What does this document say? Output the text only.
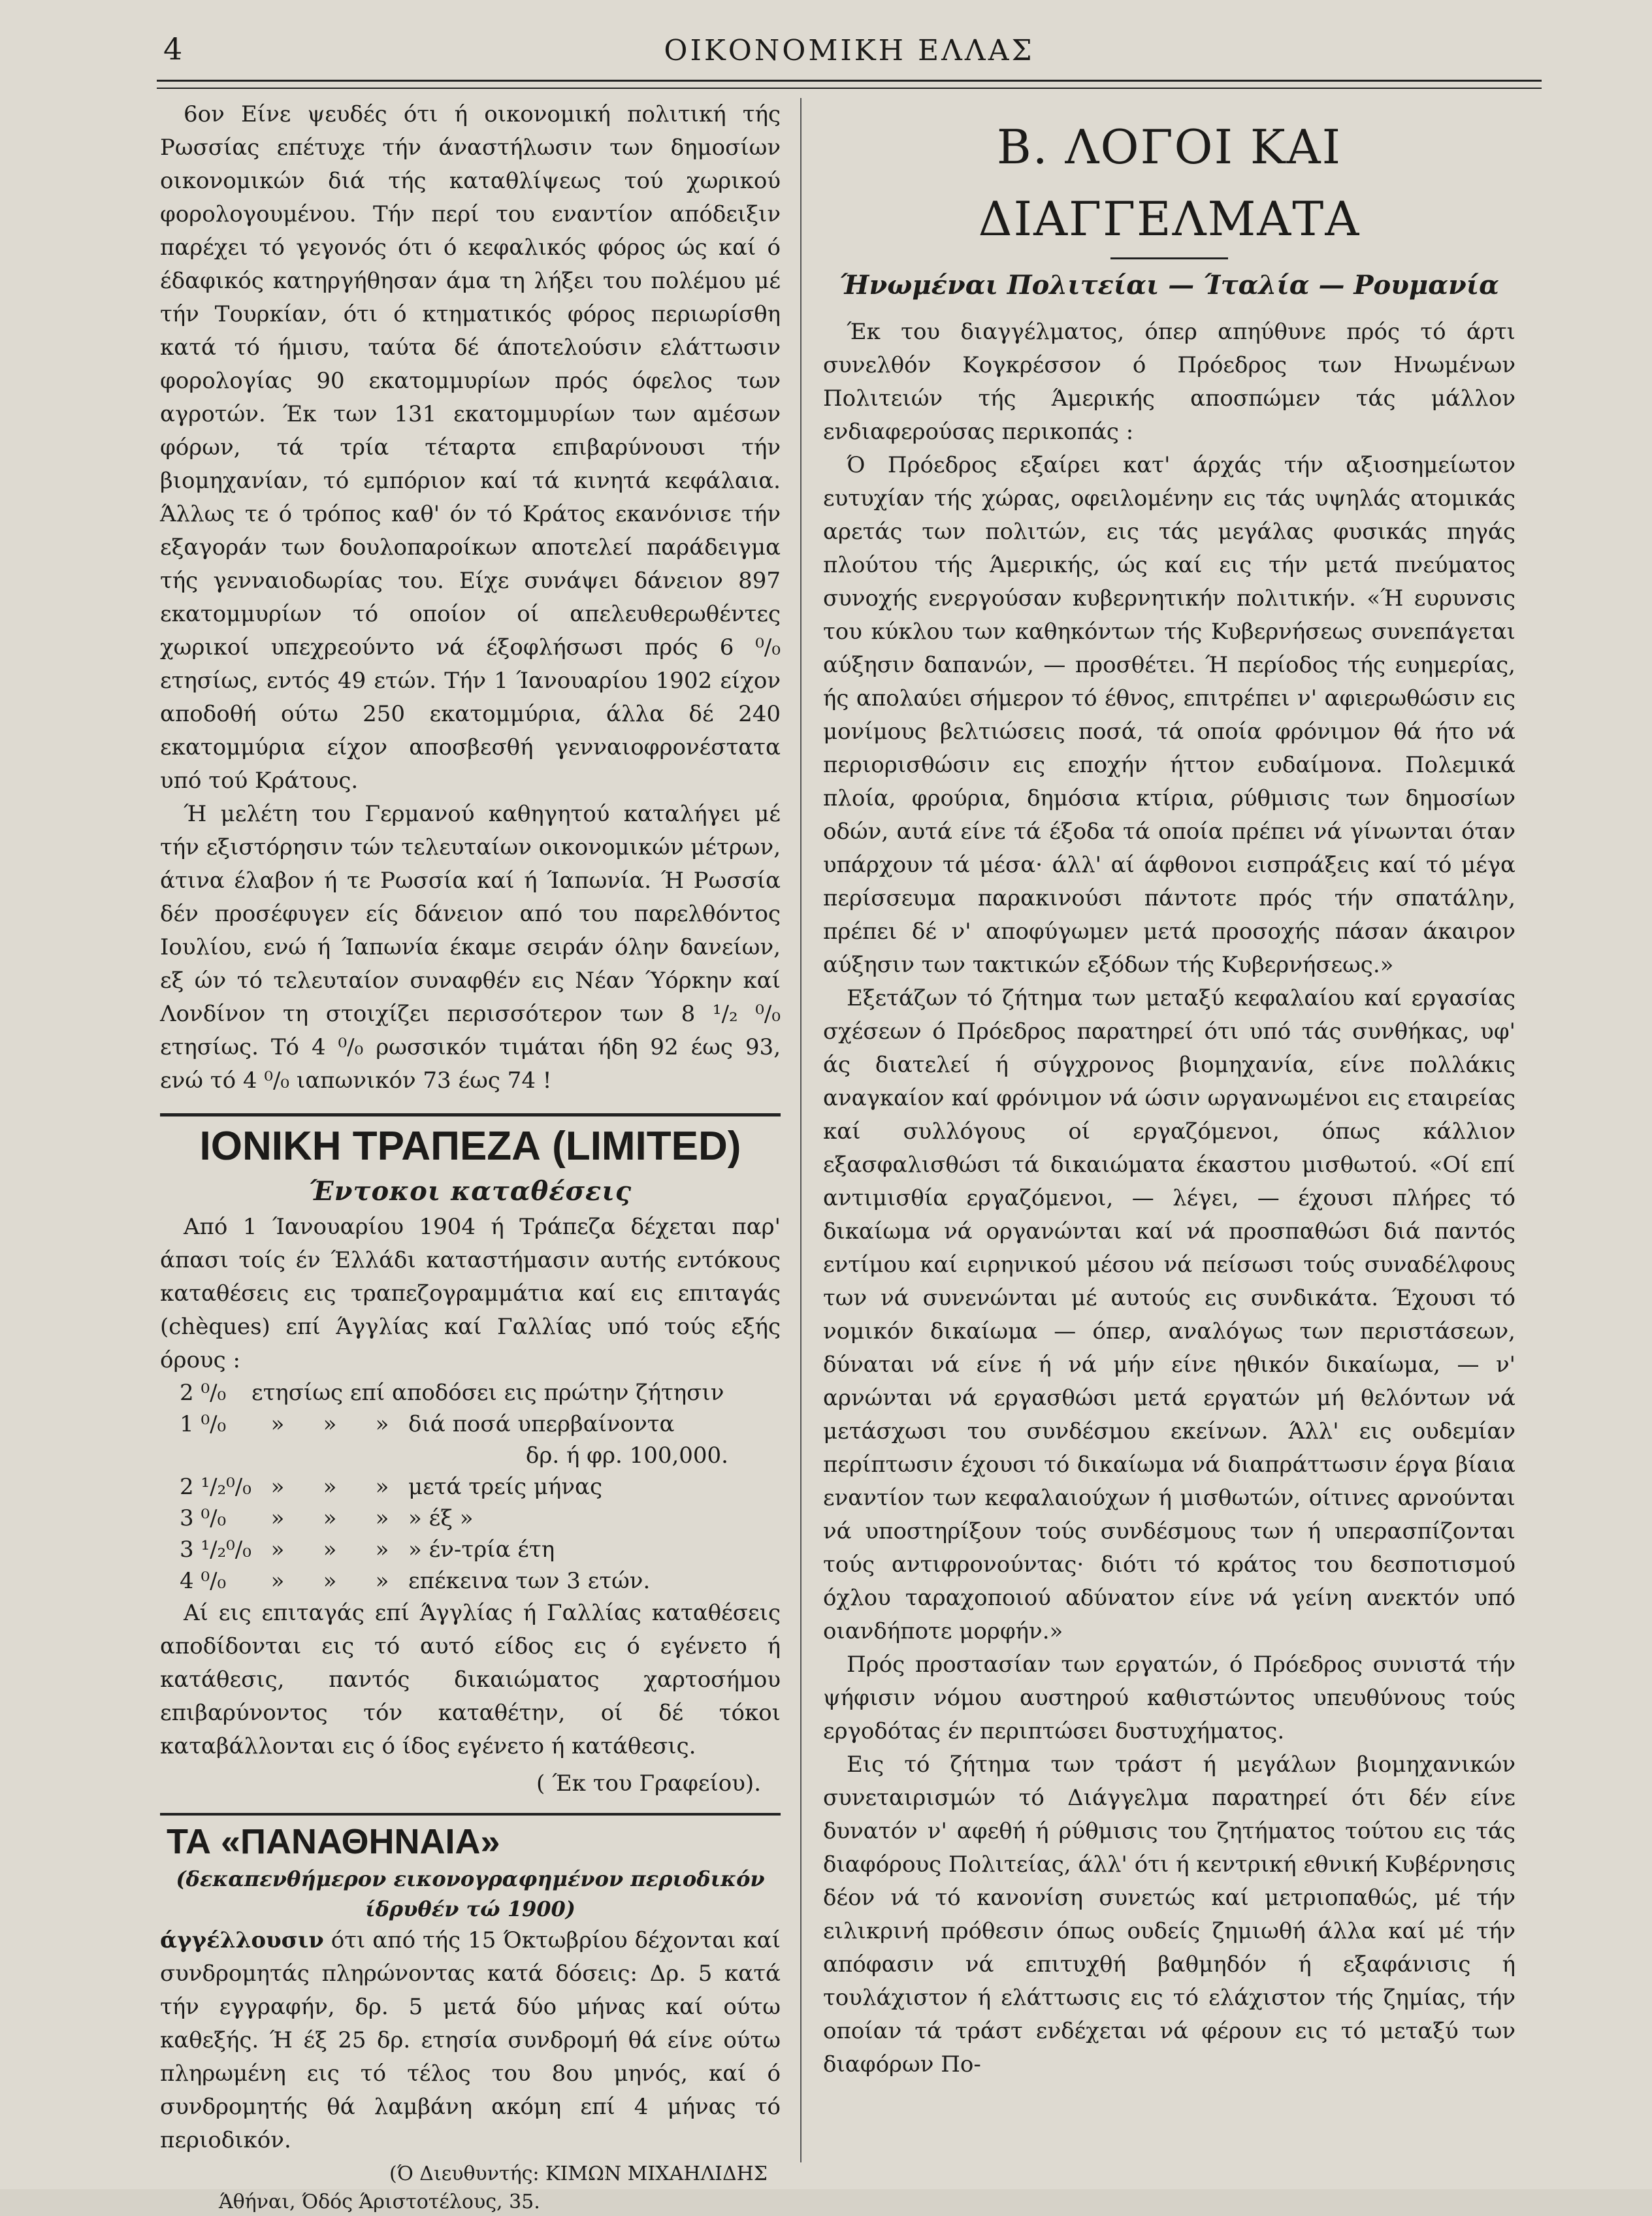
4	ΟΙΚΟΝΟΜΙΚΗ ΕΛΛΑΣ

6ον Είνε ψευδές ότι ή οικονομική πολιτική τής Ρωσσίας επέτυχε τήν άναστήλωσιν των δημοσίων οικονομικών διά τής καταθλίψεως τού χωρικού φορολογουμένου. Τήν περί του εναντίον απόδειξιν παρέχει τό γεγονός ότι ό κεφαλικός φόρος ώς καί ό έδαφικός κατηργήθησαν άμα τη λήξει του πολέμου μέ τήν Τουρκίαν, ότι ό κτηματικός φόρος περιωρίσθη κατά τό ήμισυ, ταύτα δέ άποτελούσιν ελάττωσιν φορολογίας 90 εκατομμυρίων πρός όφελος των αγροτών. Έκ των 131 εκατομμυρίων των αμέσων φόρων, τά τρία τέταρτα επιβαρύνουσι τήν βιομηχανίαν, τό εμπόριον καί τά κινητά κεφάλαια. Άλλως τε ό τρόπος καθ' όν τό Κράτος εκανόνισε τήν εξαγοράν των δουλοπαροίκων αποτελεί παράδειγμα τής γενναιοδωρίας του. Είχε συνάψει δάνειον 897 εκατομμυρίων τό οποίον οί απελευθερωθέντες χωρικοί υπεχρεούντο νά έξοφλήσωσι πρός 6 ⁰/₀ ετησίως, εντός 49 ετών. Τήν 1 Ίανουαρίου 1902 είχον αποδοθή ούτω 250 εκατομμύρια, άλλα δέ 240 εκατομμύρια είχον αποσβεσθή γενναιοφρονέστατα υπό τού Κράτους.

Ή μελέτη του Γερμανού καθηγητού καταλήγει μέ τήν εξιστόρησιν τών τελευταίων οικονομικών μέτρων, άτινα έλαβον ή τε Ρωσσία καί ή Ίαπωνία. Ή Ρωσσία δέν προσέφυγεν είς δάνειον από του παρελθόντος Ιουλίου, ενώ ή Ίαπωνία έκαμε σειράν όλην δανείων, εξ ών τό τελευταίον συναφθέν εις Νέαν Ύόρκην καί Λονδίνον τη στοιχίζει περισσότερον των 8 ¹/₂ ⁰/₀ ετησίως. Τό 4 ⁰/₀ ρωσσικόν τιμάται ήδη 92 έως 93, ενώ τό 4 ⁰/₀ ιαπωνικόν 73 έως 74 !

ΙΟΝΙΚΗ ΤΡΑΠΕΖΑ (LIMITED)
Έντοκοι καταθέσεις

Από 1 Ίανουαρίου 1904 ή Τράπεζα δέχεται παρ' άπασι τοίς έν Έλλάδι καταστήμασιν αυτής εντόκους καταθέσεις εις τραπεζογραμμάτια καί εις επιταγάς (chèques) επί Άγγλίας καί Γαλλίας υπό τούς εξής όρους :

2 ⁰/₀	ετησίως επί αποδόσει εις πρώτην ζήτησιν
1 ⁰/₀	»	»	» διά ποσά υπερβαίνοντα
δρ. ή φρ. 100,000.
2 ¹/₂⁰/₀ »	»	» μετά τρείς μήνας
3 ⁰/₀	»	»	» » έξ »
3 ¹/₂⁰/₀ »	»	» » έν-τρία έτη
4 ⁰/₀	»	»	» επέκεινα των 3 ετών.

Αί εις επιταγάς επί Άγγλίας ή Γαλλίας καταθέσεις αποδίδονται εις τό αυτό είδος εις ό εγένετο ή κατάθεσις, παντός δικαιώματος χαρτοσήμου επιβαρύνοντος τόν καταθέτην, οί δέ τόκοι καταβάλλονται εις ό ίδος εγένετο ή κατάθεσις.

( Έκ του Γραφείου).
ΤΑ «ΠΑΝΑΘΗΝΑΙΑ»
(δεκαπενθήμερον εικονογραφημένον περιοδικόν ίδρυθέν τώ 1900)

άγγέλλουσιν ότι από τής 15 Όκτωβρίου δέχονται καί συνδρομητάς πληρώνοντας κατά δόσεις: Δρ. 5 κατά τήν εγγραφήν, δρ. 5 μετά δύο μήνας καί ούτω καθεξής. Ή έξ 25 δρ. ετησία συνδρομή θά είνε ούτω πληρωμένη εις τό τέλος του 8ου μηνός, καί ό συνδρομητής θά λαμβάνη ακόμη επί 4 μήνας τό περιοδικόν.

(Ό Διευθυντής: ΚΙΜΩΝ ΜΙΧΑΗΛΙΔΗΣ
Άθήναι, Όδός Άριστοτέλους, 35.
Β. ΛΟΓΟΙ ΚΑΙ ΔΙΑΓΓΕΛΜΑΤΑ
Ήνωμέναι Πολιτείαι — Ίταλία — Ρουμανία

Έκ του διαγγέλματος, όπερ απηύθυνε πρός τό άρτι συνελθόν Κογκρέσσον ό Πρόεδρος των Ηνωμένων Πολιτειών τής Άμερικής αποσπώμεν τάς μάλλον ενδιαφερούσας περικοπάς :

Ό Πρόεδρος εξαίρει κατ' άρχάς τήν αξιοσημείωτον ευτυχίαν τής χώρας, οφειλομένην εις τάς υψηλάς ατομικάς αρετάς των πολιτών, εις τάς μεγάλας φυσικάς πηγάς πλούτου τής Άμερικής, ώς καί εις τήν μετά πνεύματος συνοχής ενεργούσαν κυβερνητικήν πολιτικήν. «Ή ευρυνσις του κύκλου των καθηκόντων τής Κυβερνήσεως συνεπάγεται αύξησιν δαπανών, — προσθέτει. Ή περίοδος τής ευημερίας, ής απολαύει σήμερον τό έθνος, επιτρέπει ν' αφιερωθώσιν εις μονίμους βελτιώσεις ποσά, τά οποία φρόνιμον θά ήτο νά περιορισθώσιν εις εποχήν ήττον ευδαίμονα. Πολεμικά πλοία, φρούρια, δημόσια κτίρια, ρύθμισις των δημοσίων οδών, αυτά είνε τά έξοδα τά οποία πρέπει νά γίνωνται όταν υπάρχουν τά μέσα· άλλ' αί άφθονοι εισπράξεις καί τό μέγα περίσσευμα παρακινούσι πάντοτε πρός τήν σπατάλην, πρέπει δέ ν' αποφύγωμεν μετά προσοχής πάσαν άκαιρον αύξησιν των τακτικών εξόδων τής Κυβερνήσεως.»

Εξετάζων τό ζήτημα των μεταξύ κεφαλαίου καί εργασίας σχέσεων ό Πρόεδρος παρατηρεί ότι υπό τάς συνθήκας, υφ' άς διατελεί ή σύγχρονος βιομηχανία, είνε πολλάκις αναγκαίον καί φρόνιμον νά ώσιν ωργανωμένοι εις εταιρείας καί συλλόγους οί εργαζόμενοι, όπως κάλλιον εξασφαλισθώσι τά δικαιώματα έκαστου μισθωτού. «Οί επί αντιμισθία εργαζόμενοι, — λέγει, — έχουσι πλήρες τό δικαίωμα νά οργανώνται καί νά προσπαθώσι διά παντός εντίμου καί ειρηνικού μέσου νά πείσωσι τούς συναδέλφους των νά συνενώνται μέ αυτούς εις συνδικάτα. Έχουσι τό νομικόν δικαίωμα — όπερ, αναλόγως των περιστάσεων, δύναται νά είνε ή νά μήν είνε ηθικόν δικαίωμα, — ν' αρνώνται νά εργασθώσι μετά εργατών μή θελόντων νά μετάσχωσι του συνδέσμου εκείνων. Άλλ' εις ουδεμίαν περίπτωσιν έχουσι τό δικαίωμα νά διαπράττωσιν έργα βίαια εναντίον των κεφαλαιούχων ή μισθωτών, οίτινες αρνούνται νά υποστηρίξουν τούς συνδέσμους των ή υπερασπίζονται τούς αντιφρονούντας· διότι τό κράτος του δεσποτισμού όχλου ταραχοποιού αδύνατον είνε νά γείνη ανεκτόν υπό οιανδήποτε μορφήν.»

Πρός προστασίαν των εργατών, ό Πρόεδρος συνιστά τήν ψήφισιν νόμου αυστηρού καθιστώντος υπευθύνους τούς εργοδότας έν περιπτώσει δυστυχήματος.

Εις τό ζήτημα των τράστ ή μεγάλων βιομηχανικών συνεταιρισμών τό Διάγγελμα παρατηρεί ότι δέν είνε δυνατόν ν' αφεθή ή ρύθμισις του ζητήματος τούτου εις τάς διαφόρους Πολιτείας, άλλ' ότι ή κεντρική εθνική Κυβέρνησις δέον νά τό κανονίση συνετώς καί μετριοπαθώς, μέ τήν ειλικρινή πρόθεσιν όπως ουδείς ζημιωθή άλλα καί μέ τήν απόφασιν νά επιτυχθή βαθμηδόν ή εξαφάνισις ή τουλάχιστον ή ελάττωσις εις τό ελάχιστον τής ζημίας, τήν οποίαν τά τράστ ενδέχεται νά φέρουν εις τό μεταξύ των διαφόρων Πο-
